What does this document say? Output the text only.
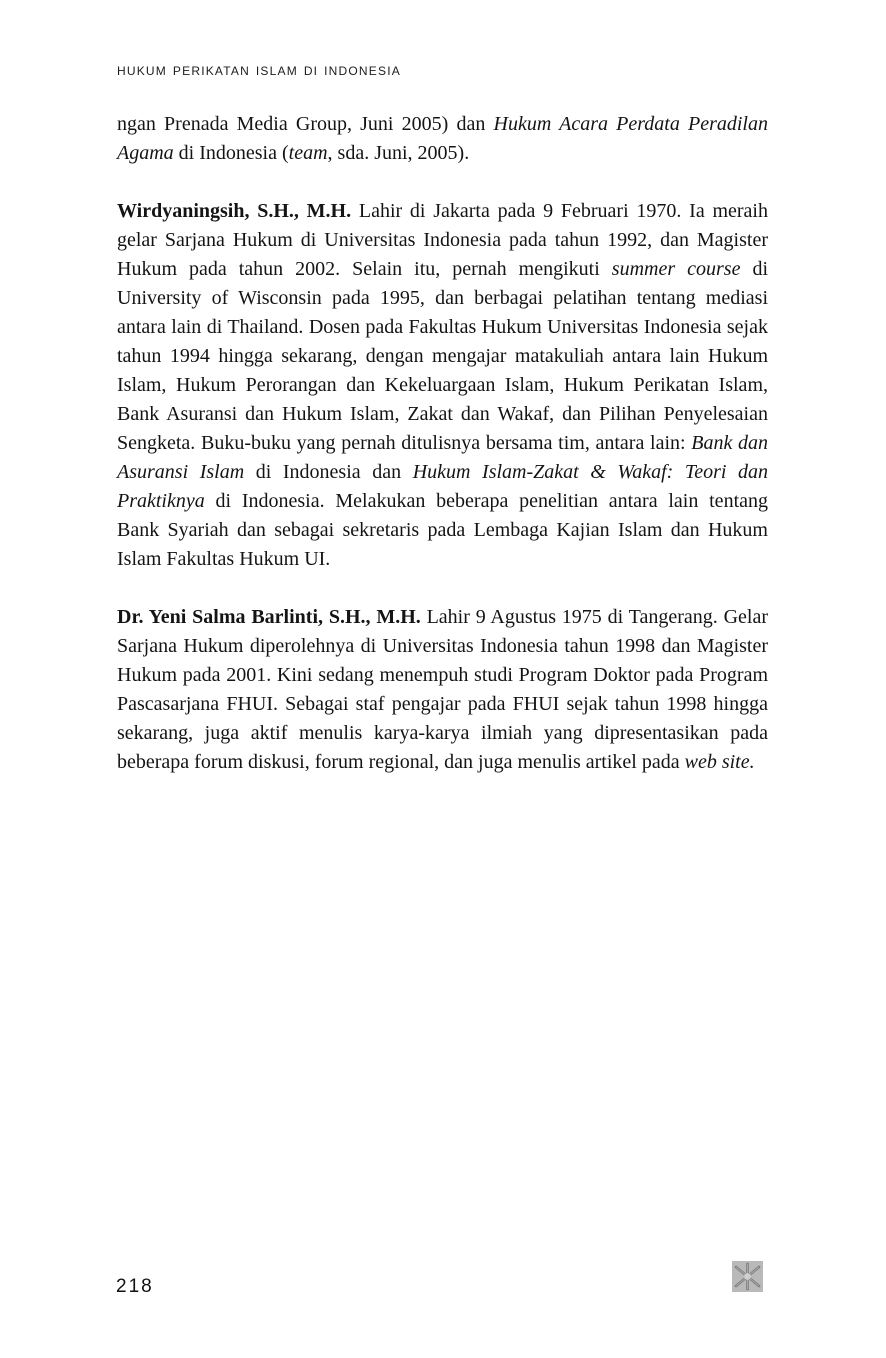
hukum perikatan islam di indonesia

ngan Prenada Media Group, Juni 2005) dan Hukum Acara Perdata Peradilan Agama di Indonesia (team, sda. Juni, 2005).

Wirdyaningsih, S.H., M.H. Lahir di Jakarta pada 9 Februari 1970. Ia meraih gelar Sarjana Hukum di Universitas Indonesia pada tahun 1992, dan Magister Hukum pada tahun 2002. Selain itu, pernah mengikuti summer course di University of Wisconsin pada 1995, dan berbagai pelatihan tentang mediasi antara lain di Thailand. Dosen pada Fakultas Hukum Universitas Indonesia sejak tahun 1994 hingga sekarang, dengan mengajar matakuliah antara lain Hukum Islam, Hukum Perorangan dan Kekeluargaan Islam, Hukum Perikatan Islam, Bank Asuransi dan Hukum Islam, Zakat dan Wakaf, dan Pilihan Penyelesaian Sengketa. Buku-buku yang pernah ditulisnya bersama tim, antara lain: Bank dan Asuransi Islam di Indonesia dan Hukum Islam-Zakat & Wakaf: Teori dan Praktiknya di Indonesia. Melakukan beberapa penelitian antara lain tentang Bank Syariah dan sebagai sekretaris pada Lembaga Kajian Islam dan Hukum Islam Fakultas Hukum UI.

Dr. Yeni Salma Barlinti, S.H., M.H. Lahir 9 Agustus 1975 di Tangerang. Gelar Sarjana Hukum diperolehnya di Universitas Indonesia tahun 1998 dan Magister Hukum pada 2001. Kini sedang menempuh studi Program Doktor pada Program Pascasarjana FHUI. Sebagai staf pengajar pada FHUI sejak tahun 1998 hingga sekarang, juga aktif menulis karya-karya ilmiah yang dipresentasikan pada beberapa forum diskusi, forum regional, dan juga menulis artikel pada web site.

218
